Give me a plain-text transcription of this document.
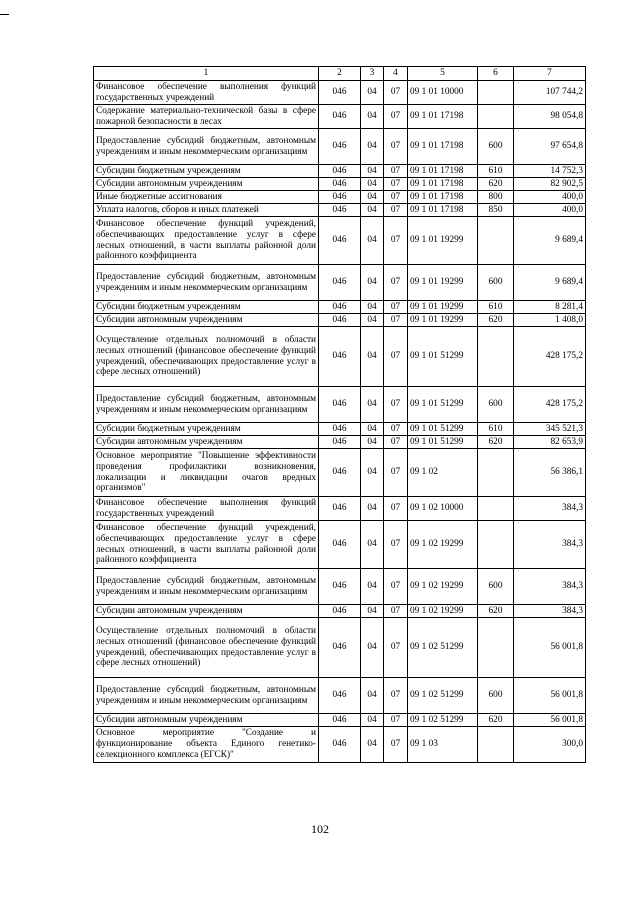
1	2	3	4	5	6	7
Финансовое обеспечение выполнения функций государственных учреждений	046	04	07	09 1 01 10000		107 744,2
Содержание материально-технической базы в сфере пожарной безопасности в лесах	046	04	07	09 1 01 17198		98 054,8
Предоставление субсидий бюджетным, автономным учреждениям и иным некоммерческим организациям	046	04	07	09 1 01 17198	600	97 654,8
Субсидии бюджетным учреждениям	046	04	07	09 1 01 17198	610	14 752,3
Субсидии автономным учреждениям	046	04	07	09 1 01 17198	620	82 902,5
Иные бюджетные ассигнования	046	04	07	09 1 01 17198	800	400,0
Уплата налогов, сборов и иных платежей	046	04	07	09 1 01 17198	850	400,0
Финансовое обеспечение функций учреждений, обеспечивающих предоставление услуг в сфере лесных отношений, в части выплаты районной доли районного коэффициента	046	04	07	09 1 01 19299		9 689,4
Предоставление субсидий бюджетным, автономным учреждениям и иным некоммерческим организациям	046	04	07	09 1 01 19299	600	9 689,4
Субсидии бюджетным учреждениям	046	04	07	09 1 01 19299	610	8 281,4
Субсидии автономным учреждениям	046	04	07	09 1 01 19299	620	1 408,0
Осуществление отдельных полномочий в области лесных отношений (финансовое обеспечение функций учреждений, обеспечивающих предоставление услуг в сфере лесных отношений)	046	04	07	09 1 01 51299		428 175,2
Предоставление субсидий бюджетным, автономным учреждениям и иным некоммерческим организациям	046	04	07	09 1 01 51299	600	428 175,2
Субсидии бюджетным учреждениям	046	04	07	09 1 01 51299	610	345 521,3
Субсидии автономным учреждениям	046	04	07	09 1 01 51299	620	82 653,9
Основное мероприятие "Повышение эффективности проведения профилактики возникновения, локализации и ликвидации очагов вредных организмов"	046	04	07	09 1 02		56 386,1
Финансовое обеспечение выполнения функций государственных учреждений	046	04	07	09 1 02 10000		384,3
Финансовое обеспечение функций учреждений, обеспечивающих предоставление услуг в сфере лесных отношений, в части выплаты районной доли районного коэффициента	046	04	07	09 1 02 19299		384,3
Предоставление субсидий бюджетным, автономным учреждениям и иным некоммерческим организациям	046	04	07	09 1 02 19299	600	384,3
Субсидии автономным учреждениям	046	04	07	09 1 02 19299	620	384,3
Осуществление отдельных полномочий в области лесных отношений (финансовое обеспечение функций учреждений, обеспечивающих предоставление услуг в сфере лесных отношений)	046	04	07	09 1 02 51299		56 001,8
Предоставление субсидий бюджетным, автономным учреждениям и иным некоммерческим организациям	046	04	07	09 1 02 51299	600	56 001,8
Субсидии автономным учреждениям	046	04	07	09 1 02 51299	620	56 001,8
Основное мероприятие "Создание и функционирование объекта Единого генетико-селекционного комплекса (ЕГСК)"	046	04	07	09 1 03		300,0
102
